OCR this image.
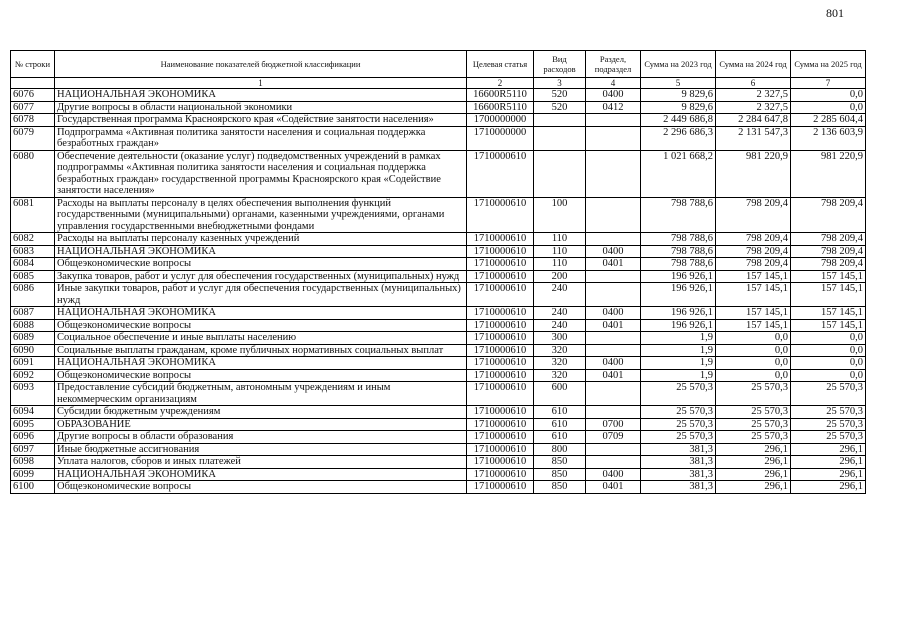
801
№ строки	Наименование показателей бюджетной классификации	Целевая статья	Вид расходов	Раздел, подраздел	Сумма на 2023 год	Сумма на 2024 год	Сумма на 2025 год
	1	2	3	4	5	6	7
6076	НАЦИОНАЛЬНАЯ ЭКОНОМИКА	16600R5110	520	0400	9 829,6	2 327,5	0,0
6077	Другие вопросы в области национальной экономики	16600R5110	520	0412	9 829,6	2 327,5	0,0
6078	Государственная программа Красноярского края «Содействие занятости населения»	1700000000			2 449 686,8	2 284 647,8	2 285 604,4
6079	Подпрограмма «Активная политика занятости населения и социальная поддержка безработных граждан»	1710000000			2 296 686,3	2 131 547,3	2 136 603,9
6080	Обеспечение деятельности (оказание услуг) подведомственных учреждений в рамках подпрограммы «Активная политика занятости населения и социальная поддержка безработных граждан» государственной программы Красноярского края «Содействие занятости населения»	1710000610			1 021 668,2	981 220,9	981 220,9
6081	Расходы на выплаты персоналу в целях обеспечения выполнения функций государственными (муниципальными) органами, казенными учреждениями, органами управления государственными внебюджетными фондами	1710000610	100		798 788,6	798 209,4	798 209,4
6082	Расходы на выплаты персоналу казенных учреждений	1710000610	110		798 788,6	798 209,4	798 209,4
6083	НАЦИОНАЛЬНАЯ ЭКОНОМИКА	1710000610	110	0400	798 788,6	798 209,4	798 209,4
6084	Общеэкономические вопросы	1710000610	110	0401	798 788,6	798 209,4	798 209,4
6085	Закупка товаров, работ и услуг для обеспечения государственных (муниципальных) нужд	1710000610	200		196 926,1	157 145,1	157 145,1
6086	Иные закупки товаров, работ и услуг для обеспечения государственных (муниципальных) нужд	1710000610	240		196 926,1	157 145,1	157 145,1
6087	НАЦИОНАЛЬНАЯ ЭКОНОМИКА	1710000610	240	0400	196 926,1	157 145,1	157 145,1
6088	Общеэкономические вопросы	1710000610	240	0401	196 926,1	157 145,1	157 145,1
6089	Социальное обеспечение и иные выплаты населению	1710000610	300		1,9	0,0	0,0
6090	Социальные выплаты гражданам, кроме публичных нормативных социальных выплат	1710000610	320		1,9	0,0	0,0
6091	НАЦИОНАЛЬНАЯ ЭКОНОМИКА	1710000610	320	0400	1,9	0,0	0,0
6092	Общеэкономические вопросы	1710000610	320	0401	1,9	0,0	0,0
6093	Предоставление субсидий бюджетным, автономным учреждениям и иным некоммерческим организациям	1710000610	600		25 570,3	25 570,3	25 570,3
6094	Субсидии бюджетным учреждениям	1710000610	610		25 570,3	25 570,3	25 570,3
6095	ОБРАЗОВАНИЕ	1710000610	610	0700	25 570,3	25 570,3	25 570,3
6096	Другие вопросы в области образования	1710000610	610	0709	25 570,3	25 570,3	25 570,3
6097	Иные бюджетные ассигнования	1710000610	800		381,3	296,1	296,1
6098	Уплата налогов, сборов и иных платежей	1710000610	850		381,3	296,1	296,1
6099	НАЦИОНАЛЬНАЯ ЭКОНОМИКА	1710000610	850	0400	381,3	296,1	296,1
6100	Общеэкономические вопросы	1710000610	850	0401	381,3	296,1	296,1
